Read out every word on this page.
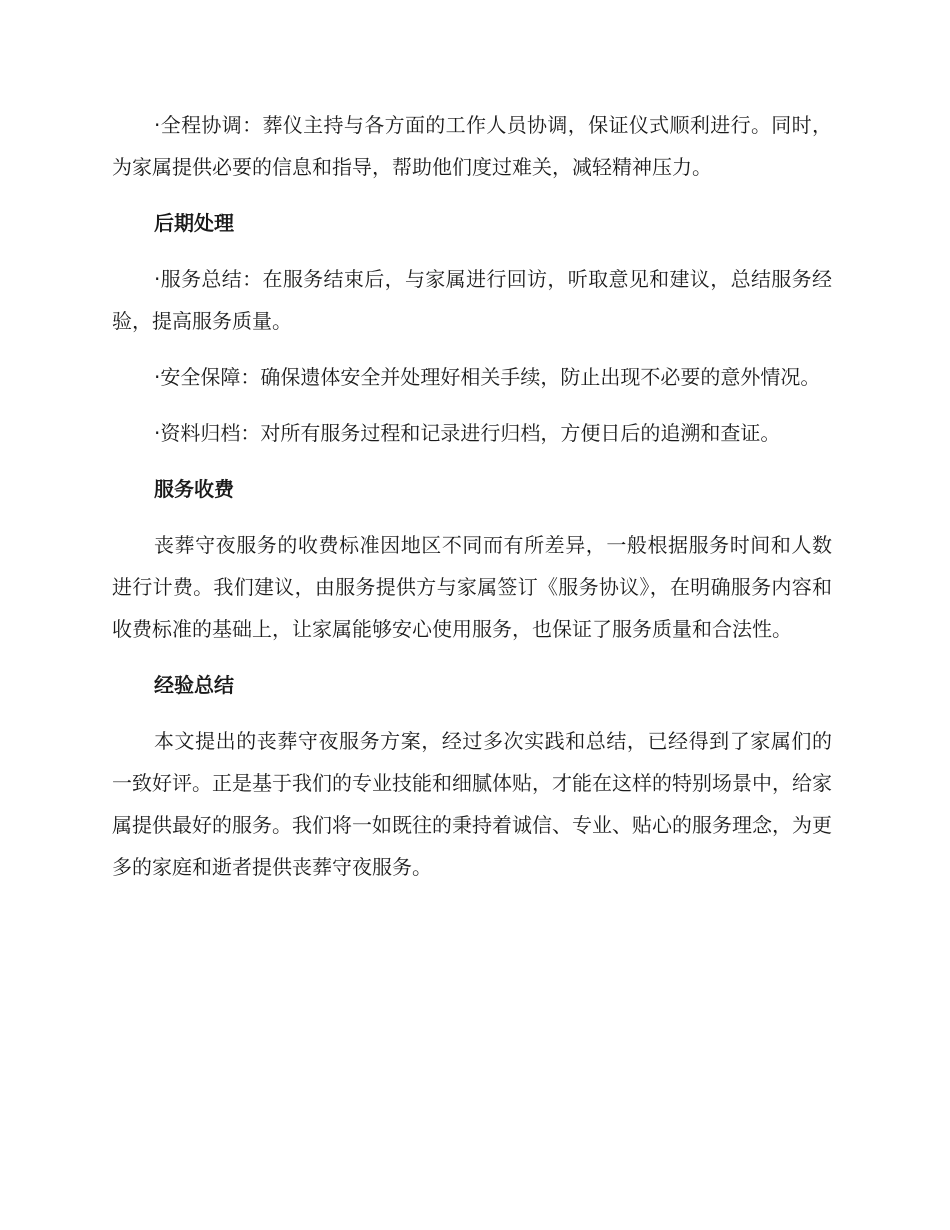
·全程协调：葬仪主持与各方面的工作人员协调，保证仪式顺利进行。同时，为家属提供必要的信息和指导，帮助他们度过难关，减轻精神压力。

后期处理

·服务总结：在服务结束后，与家属进行回访，听取意见和建议，总结服务经验，提高服务质量。

·安全保障：确保遗体安全并处理好相关手续，防止出现不必要的意外情况。

·资料归档：对所有服务过程和记录进行归档，方便日后的追溯和查证。

服务收费

丧葬守夜服务的收费标准因地区不同而有所差异，一般根据服务时间和人数进行计费。我们建议，由服务提供方与家属签订《服务协议》，在明确服务内容和收费标准的基础上，让家属能够安心使用服务，也保证了服务质量和合法性。

经验总结

本文提出的丧葬守夜服务方案，经过多次实践和总结，已经得到了家属们的一致好评。正是基于我们的专业技能和细腻体贴，才能在这样的特别场景中，给家属提供最好的服务。我们将一如既往的秉持着诚信、专业、贴心的服务理念，为更多的家庭和逝者提供丧葬守夜服务。
